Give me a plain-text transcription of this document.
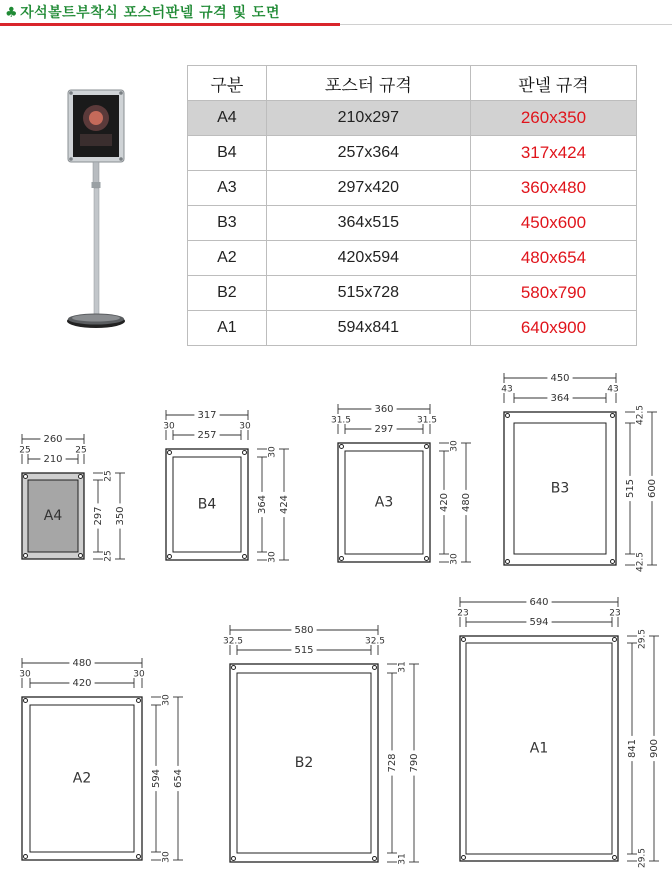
♣ 자석볼트부착식 포스터판넬 규격 및 도면
구분	포스터 규격	판넬 규격
A4	210x297	260x350
B4	257x364	317x424
A3	297x420	360x480
B3	364x515	450x600
A2	420x594	480x654
B2	515x728	580x790
A1	594x841	640x900
A4
260
210
25	25
297
25
25
350
B4
317
257
30	30
364
30
30
424	A3
360
297
31.5	31.5
420
30
30
480
B3
450
364
43	43
515
42.5
42.5
600
A2
480
420
30	30
594
30
30
654
B2
580
515
32.5	32.5
728
31
31
790
A1
640
594
23	23
841
29.5
29.5
900
